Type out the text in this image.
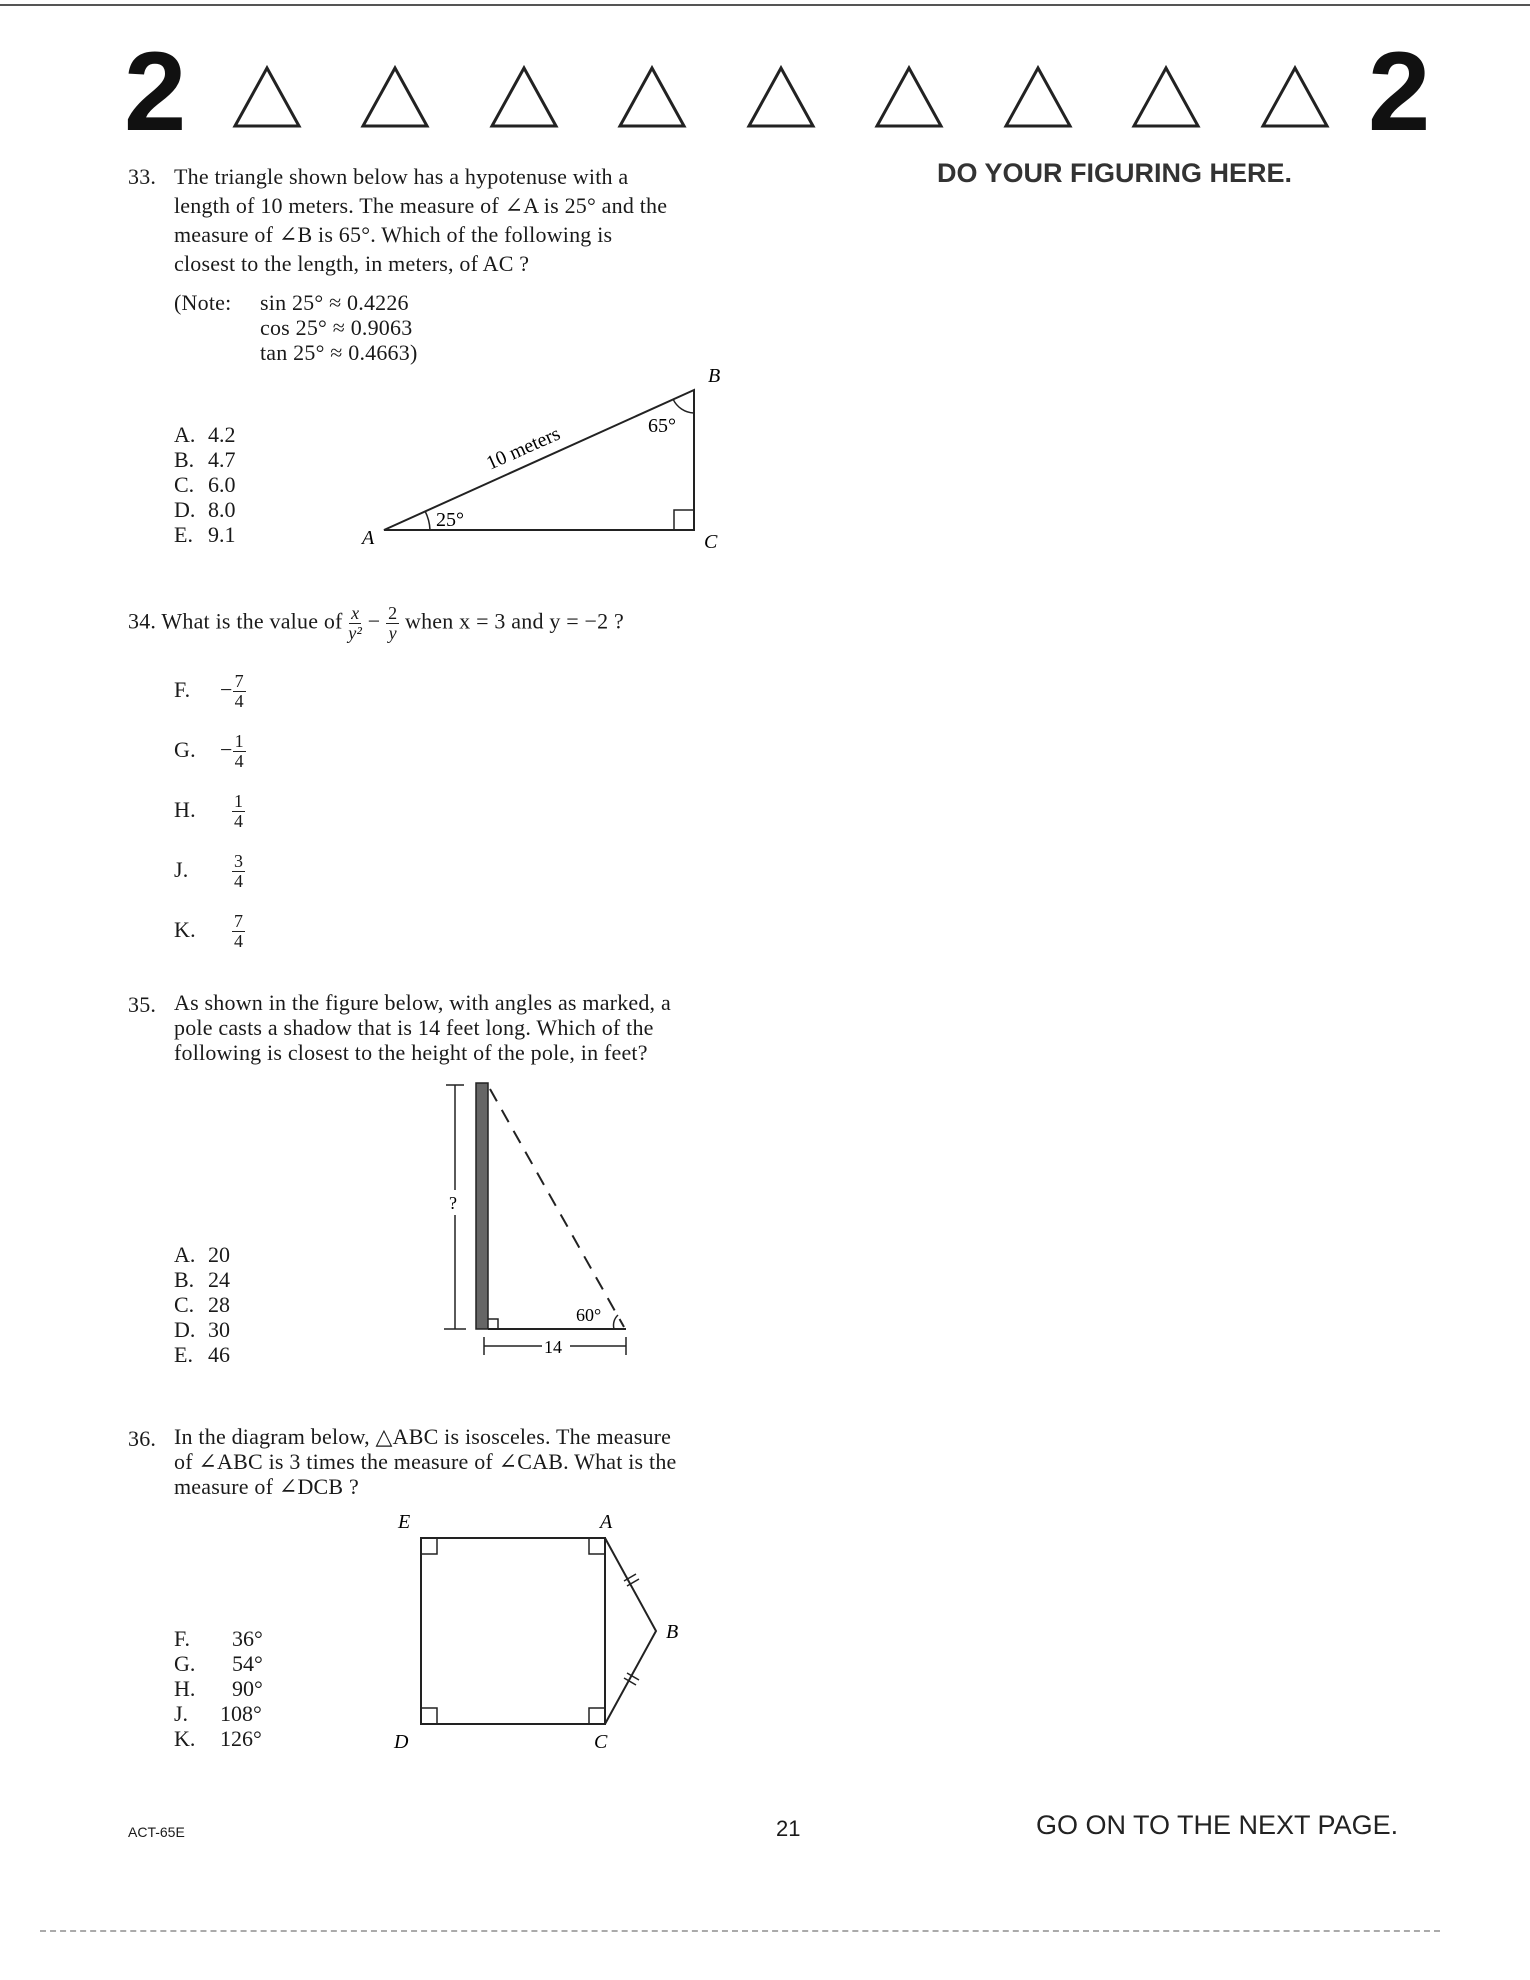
2	2
DO YOUR FIGURING HERE.
33. The triangle shown below has a hypotenuse with a
length of 10 meters. The measure of ∠A is 25° and the
measure of ∠B is 65°. Which of the following is
closest to the length, in meters, of AC ?
(Note: sin 25° ≈ 0.4226
cos 25° ≈ 0.9063
tan 25° ≈ 0.4663)
A. 4.2
B. 4.7
C. 6.0
D. 8.0
E. 9.1
B
A	C
25°
65°
10 meters
34. What is the value of $\frac{x}{\text{y²}} - \frac{2}{y}$ when x = 3 and y = −2 ?
F. − $\frac{7}{4}$
G. − $\frac{1}{4}$
H. $\frac{1}{4}$
J. $\frac{3}{4}$
K. $\frac{7}{4}$
35. As shown in the figure below, with angles as marked, a
pole casts a shadow that is 14 feet long. Which of the
following is closest to the height of the pole, in feet?
A. 20
B. 24
C. 28
D. 30
E. 46
?
60°
14
36. In the diagram below, △ABC is isosceles. The measure
of ∠ABC is 3 times the measure of ∠CAB. What is the
measure of ∠DCB ?
F. 36°
G. 54°
H. 90°
J. 108°
K. 126°
E	A
B
D	C
ACT-65E	21	GO ON TO THE NEXT PAGE.
